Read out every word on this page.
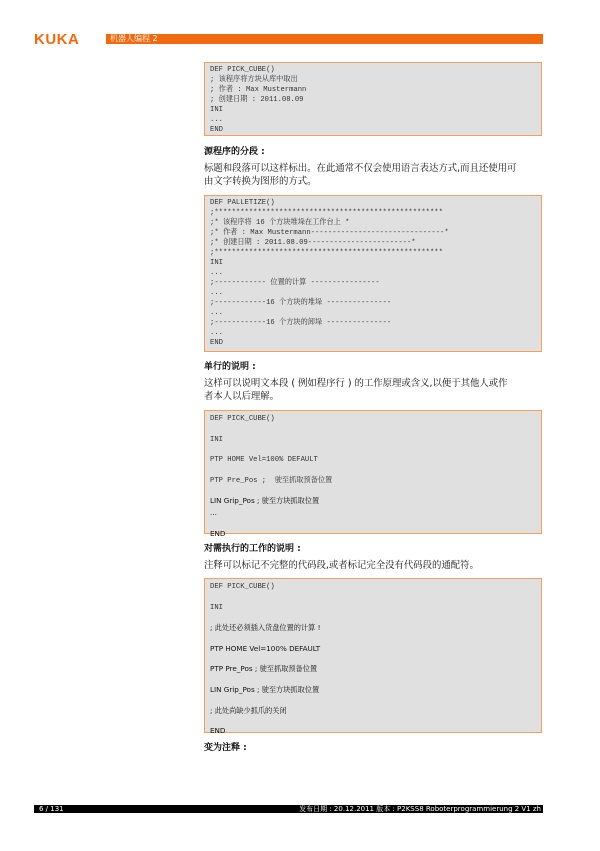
KUKA	机器人编程 2
DEF PICK_CUBE()
; 该程序将方块从库中取出
; 作者 : Max Mustermann
; 创建日期 : 2011.08.09
INI
...
END
源程序的分段 :
标题和段落可以这样标出。在此通常不仅会使用语言表达方式,而且还使用可
由文字转换为图形的方式。
DEF PALLETIZE()
;*****************************************************
;* 该程序将 16 个方块堆垛在工作台上 *
;* 作者 : Max Mustermann-------------------------------*
;* 创建日期 : 2011.08.09------------------------*
;*****************************************************
INI
...
;------------ 位置的计算 ----------------
...
;------------16 个方块的堆垛 ---------------
...
;------------16 个方块的卸垛 ---------------
...
END
单行的说明 :
这样可以说明文本段 ( 例如程序行 ) 的工作原理或含义,以便于其他人或作
者本人以后理解。
DEF PICK_CUBE()
INI
PTP HOME Vel=100% DEFAULT
PTP Pre_Pos ;  驶至抓取预备位置
LIN Grip_Pos ; 驶至方块抓取位置
...
END
对需执行的工作的说明 :
注释可以标记不完整的代码段,或者标记完全没有代码段的通配符。
DEF PICK_CUBE()
INI
; 此处还必须插入货盘位置的计算 !
PTP HOME Vel=100% DEFAULT
PTP Pre_Pos ; 驶至抓取预备位置
LIN Grip_Pos ; 驶至方块抓取位置
; 此处尚缺少抓爪的关闭
END
变为注释 :
6 / 131	发布日期 : 20.12.2011 版本 : P2KSS8 Roboterprogrammierung 2 V1 zh
